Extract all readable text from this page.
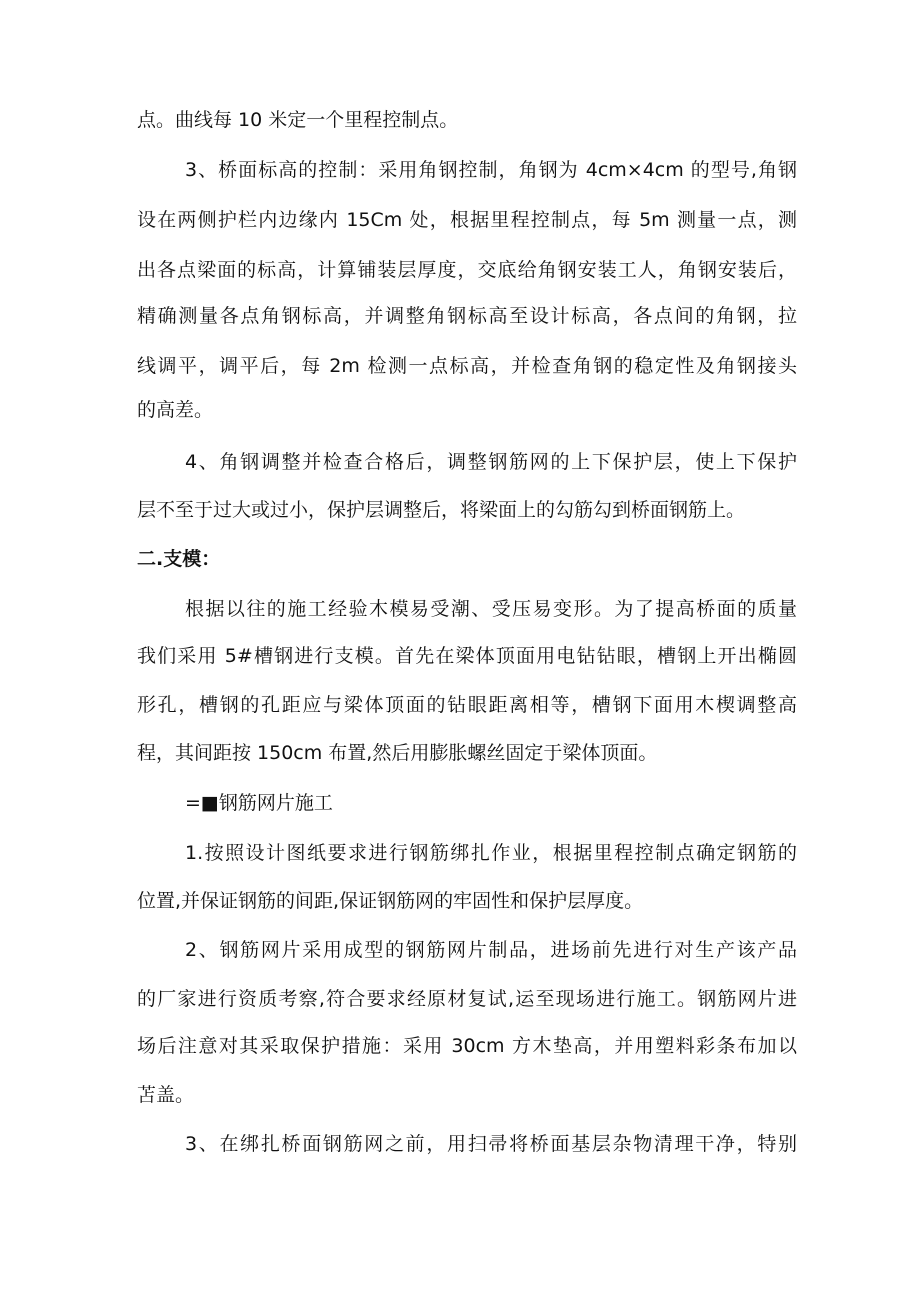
点。曲线每 10 米定一个里程控制点。
3、桥面标高的控制：采用角钢控制，角钢为 4cm×4cm 的型号,角钢
设在两侧护栏内边缘内 15Cm 处，根据里程控制点，每 5m 测量一点，测
出各点梁面的标高，计算铺装层厚度，交底给角钢安装工人，角钢安装后，
精确测量各点角钢标高，并调整角钢标高至设计标高，各点间的角钢，拉
线调平，调平后，每 2m 检测一点标高，并检查角钢的稳定性及角钢接头
的高差。
4、角钢调整并检查合格后，调整钢筋网的上下保护层，使上下保护
层不至于过大或过小，保护层调整后，将梁面上的勾筋勾到桥面钢筋上。
二.支模：
根据以往的施工经验木模易受潮、受压易变形。为了提高桥面的质量
我们采用 5#槽钢进行支模。首先在梁体顶面用电钻钻眼，槽钢上开出椭圆
形孔，槽钢的孔距应与梁体顶面的钻眼距离相等，槽钢下面用木楔调整高
程，其间距按 150cm 布置,然后用膨胀螺丝固定于梁体顶面。
=■钢筋网片施工
1.按照设计图纸要求进行钢筋绑扎作业，根据里程控制点确定钢筋的
位置,并保证钢筋的间距,保证钢筋网的牢固性和保护层厚度。
2、钢筋网片采用成型的钢筋网片制品，进场前先进行对生产该产品
的厂家进行资质考察,符合要求经原材复试,运至现场进行施工。钢筋网片进
场后注意对其采取保护措施：采用 30cm 方木垫高，并用塑料彩条布加以
苫盖。
3、在绑扎桥面钢筋网之前，用扫帚将桥面基层杂物清理干净，特别
